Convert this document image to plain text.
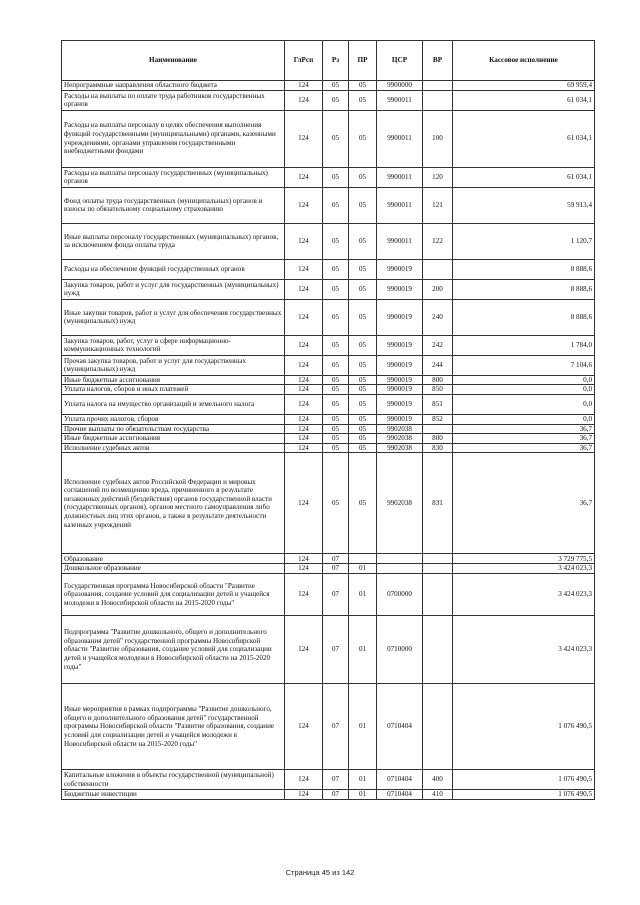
Наименование	ГлРсп	Рз	ПР	ЦСР	ВР	Кассовое исполнение
Непрограммные направления областного бюджета	124	05	05	9900000		69 959,4
Расходы на выплаты по оплате труда работников государственных органов	124	05	05	9900011		61 034,1
Расходы на выплаты персоналу в целях обеспечения выполнения функций государственными (муниципальными) органами, казенными учреждениями, органами управления государственными внебюджетными фондами	124	05	05	9900011	100	61 034,1
Расходы на выплаты персоналу государственных (муниципальных) органов	124	05	05	9900011	120	61 034,1
Фонд оплаты труда государственных (муниципальных) органов и взносы по обязательному социальному страхованию	124	05	05	9900011	121	59 913,4
Иные выплаты персоналу государственных (муниципальных) органов, за исключением фонда оплаты труда	124	05	05	9900011	122	1 120,7
Расходы на обеспечение функций государственных органов	124	05	05	9900019		8 888,6
Закупка товаров, работ и услуг для государственных (муниципальных) нужд	124	05	05	9900019	200	8 888,6
Иные закупки товаров, работ и услуг для обеспечения государственных (муниципальных) нужд	124	05	05	9900019	240	8 888,6
Закупка товаров, работ, услуг в сфере информационно-коммуникационных технологий	124	05	05	9900019	242	1 784,0
Прочая закупка товаров, работ и услуг для государственных (муниципальных) нужд	124	05	05	9900019	244	7 104,6
Иные бюджетные ассигнования	124	05	05	9900019	800	0,0
Уплата налогов, сборов и иных платежей	124	05	05	9900019	850	0,0
Уплата налога на имущество организаций и земельного налога	124	05	05	9900019	851	0,0
Уплата прочих налогов, сборов	124	05	05	9900019	852	0,0
Прочие выплаты по обязательствам государства	124	05	05	9902038		36,7
Иные бюджетные ассигнования	124	05	05	9902038	800	36,7
Исполнение судебных актов	124	05	05	9902038	830	36,7
Исполнение судебных актов Российской Федерации и мировых соглашений по возмещению вреда, причиненного в результате незаконных действий (бездействия) органов государственной власти (государственных органов), органов местного самоуправления либо должностных лиц этих органов, а также в результате деятельности казенных учреждений	124	05	05	9902038	831	36,7
Образование	124	07				3 729 775,5
Дошкольное образование	124	07	01			3 424 023,3
Государственная программа Новосибирской области "Развитие образования, создание условий для социализации детей и учащейся молодежи в Новосибирской области на 2015-2020 годы"	124	07	01	0700000		3 424 023,3
Подпрограмма "Развитие дошкольного, общего и дополнительного образования детей" государственной программы Новосибирской области "Развитие образования, создание условий для социализации детей и учащейся молодежи в Новосибирской области на 2015-2020 годы"	124	07	01	0710000		3 424 023,3
Иные мероприятия в рамках подпрограммы "Развитие дошкольного, общего и дополнительного образования детей" государственной программы Новосибирской области "Развитие образования, создание условий для социализации детей и учащейся молодежи в Новосибирской области на 2015-2020 годы"	124	07	01	0710404		1 076 490,5
Капитальные вложения в объекты государственной (муниципальной) собственности	124	07	01	0710404	400	1 076 490,5
Бюджетные инвестиции	124	07	01	0710404	410	1 076 490,5
Страница 45 из 142
